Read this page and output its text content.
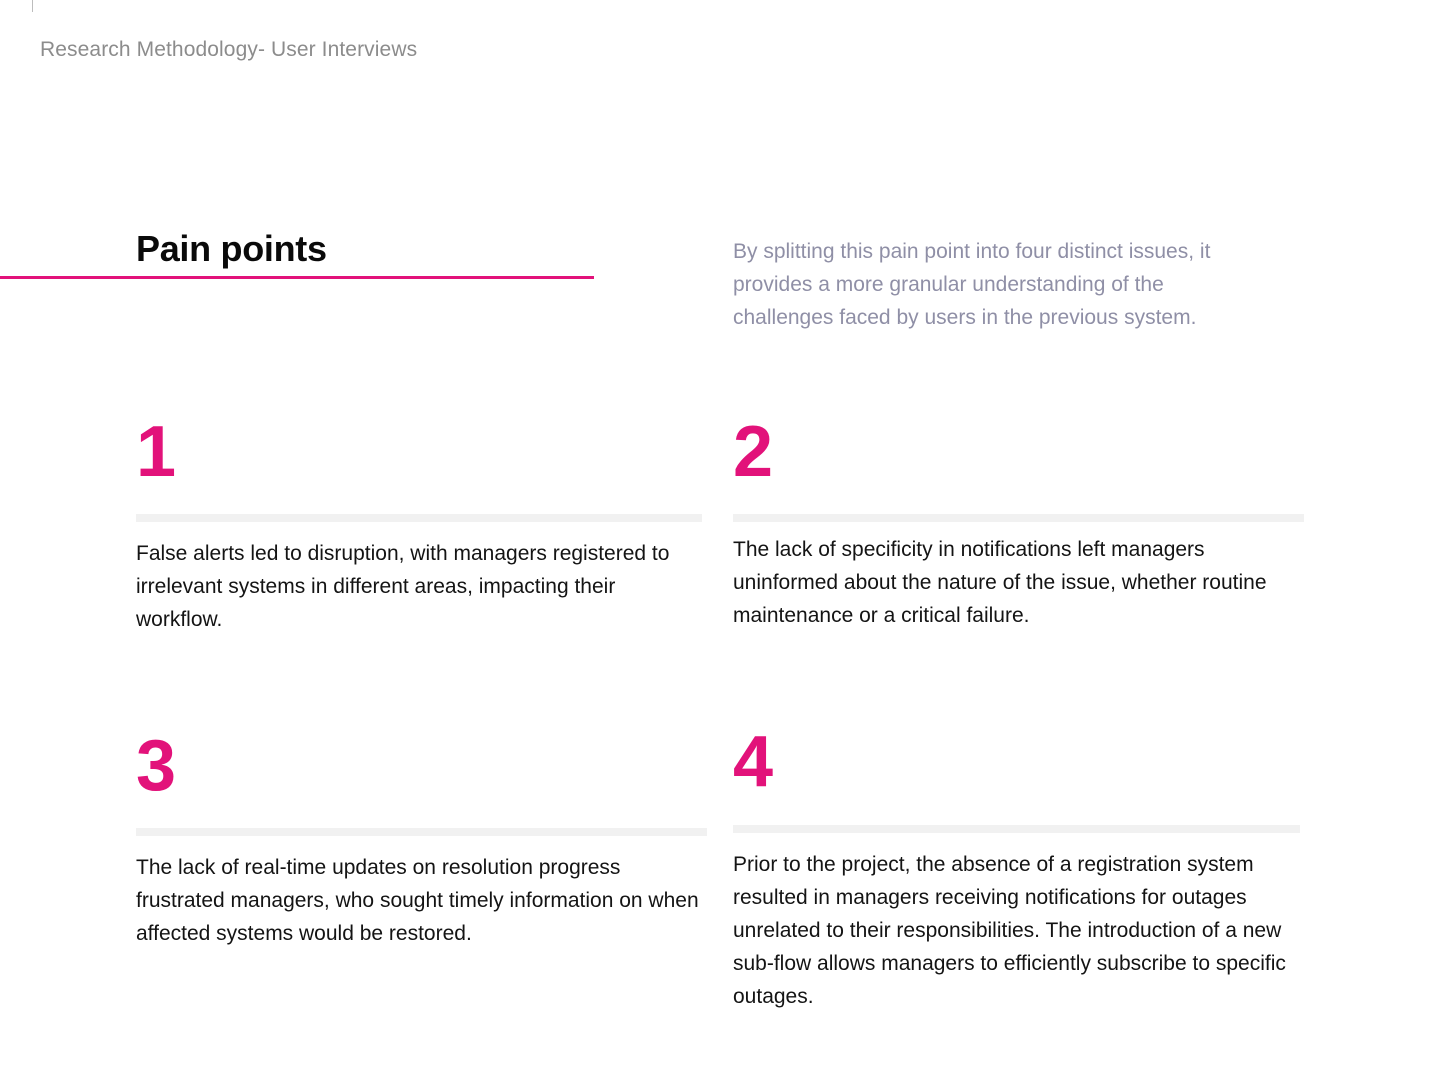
Research Methodology- User Interviews
Pain points	By splitting this pain point into four distinct issues, it provides a more granular understanding of the challenges faced by users in the previous system.

1

False alerts led to disruption, with managers registered to irrelevant systems in different areas, impacting their workflow.

2

The lack of specificity in notifications left managers uninformed about the nature of the issue, whether routine maintenance or a critical failure.

3

The lack of real-time updates on resolution progress frustrated managers, who sought timely information on when affected systems would be restored.

4

Prior to the project, the absence of a registration system resulted in managers receiving notifications for outages unrelated to their responsibilities. The introduction of a new sub-flow allows managers to efficiently subscribe to specific outages.
